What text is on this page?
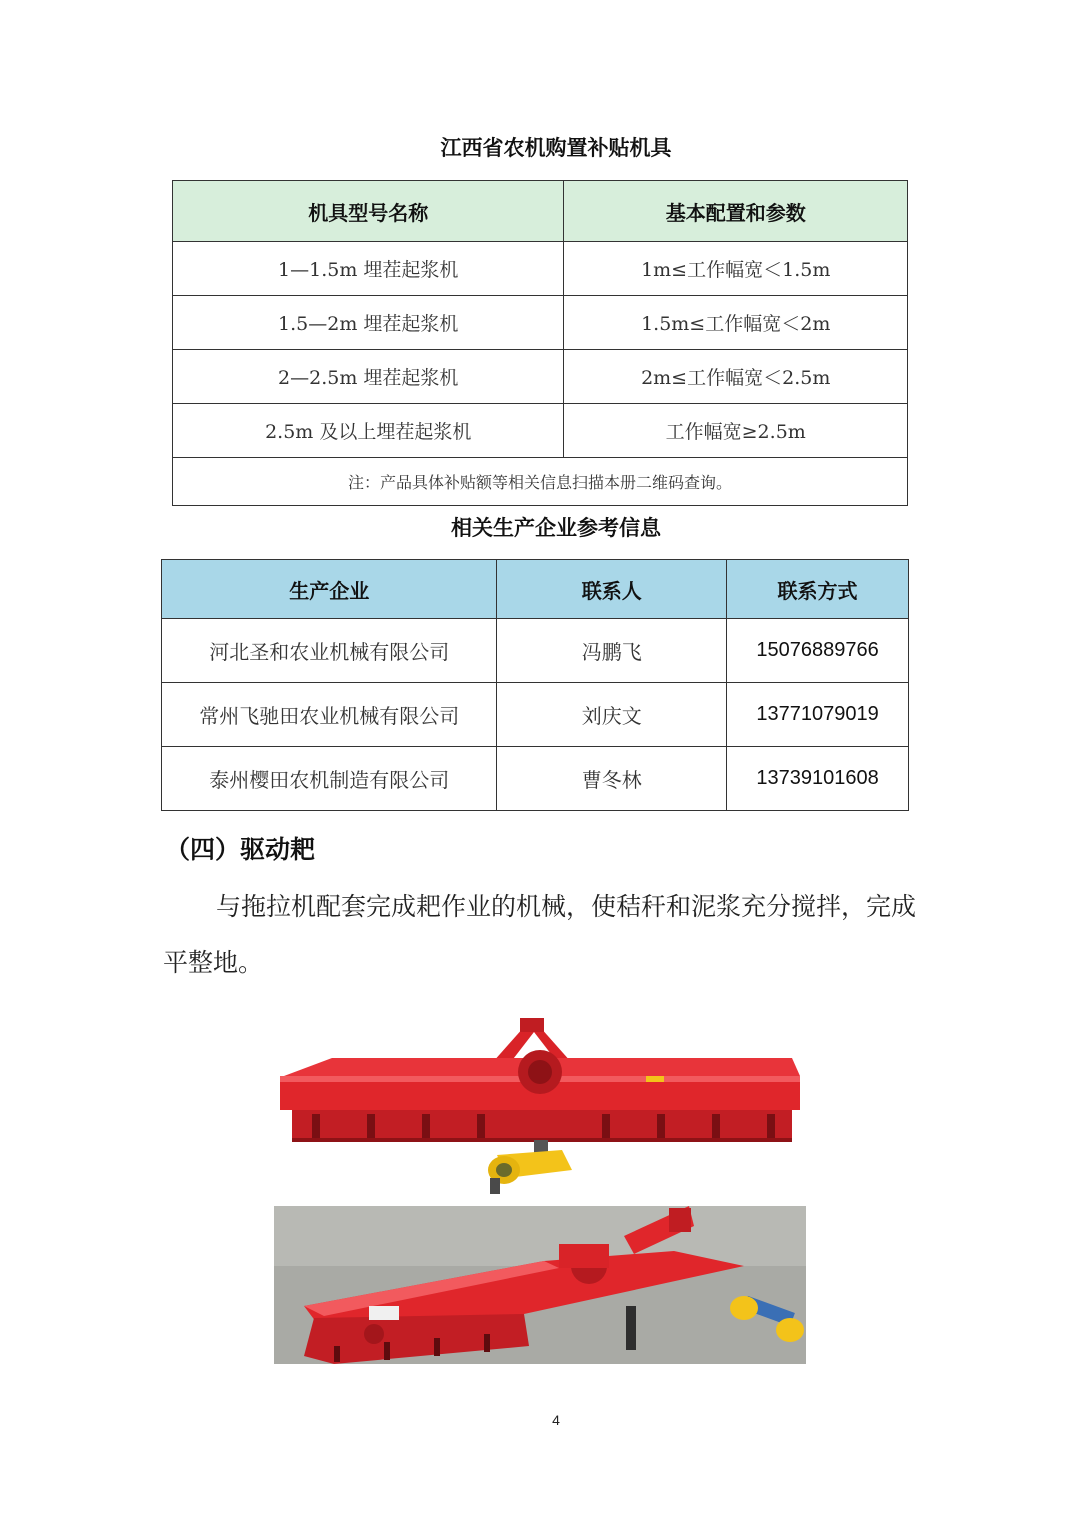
江西省农机购置补贴机具
机具型号名称	基本配置和参数
1—1.5m 埋茬起浆机	1m≤工作幅宽＜1.5m
1.5—2m 埋茬起浆机	1.5m≤工作幅宽＜2m
2—2.5m 埋茬起浆机	2m≤工作幅宽＜2.5m
2.5m 及以上埋茬起浆机	工作幅宽≥2.5m
注：产品具体补贴额等相关信息扫描本册二维码查询。	
相关生产企业参考信息
生产企业	联系人	联系方式
河北圣和农业机械有限公司	冯鹏飞	15076889766
常州飞驰田农业机械有限公司	刘庆文	13771079019
泰州樱田农机制造有限公司	曹冬林	13739101608
（四）驱动耙
与拖拉机配套完成耙作业的机械，使秸秆和泥浆充分搅拌，完成
平整地。
4
